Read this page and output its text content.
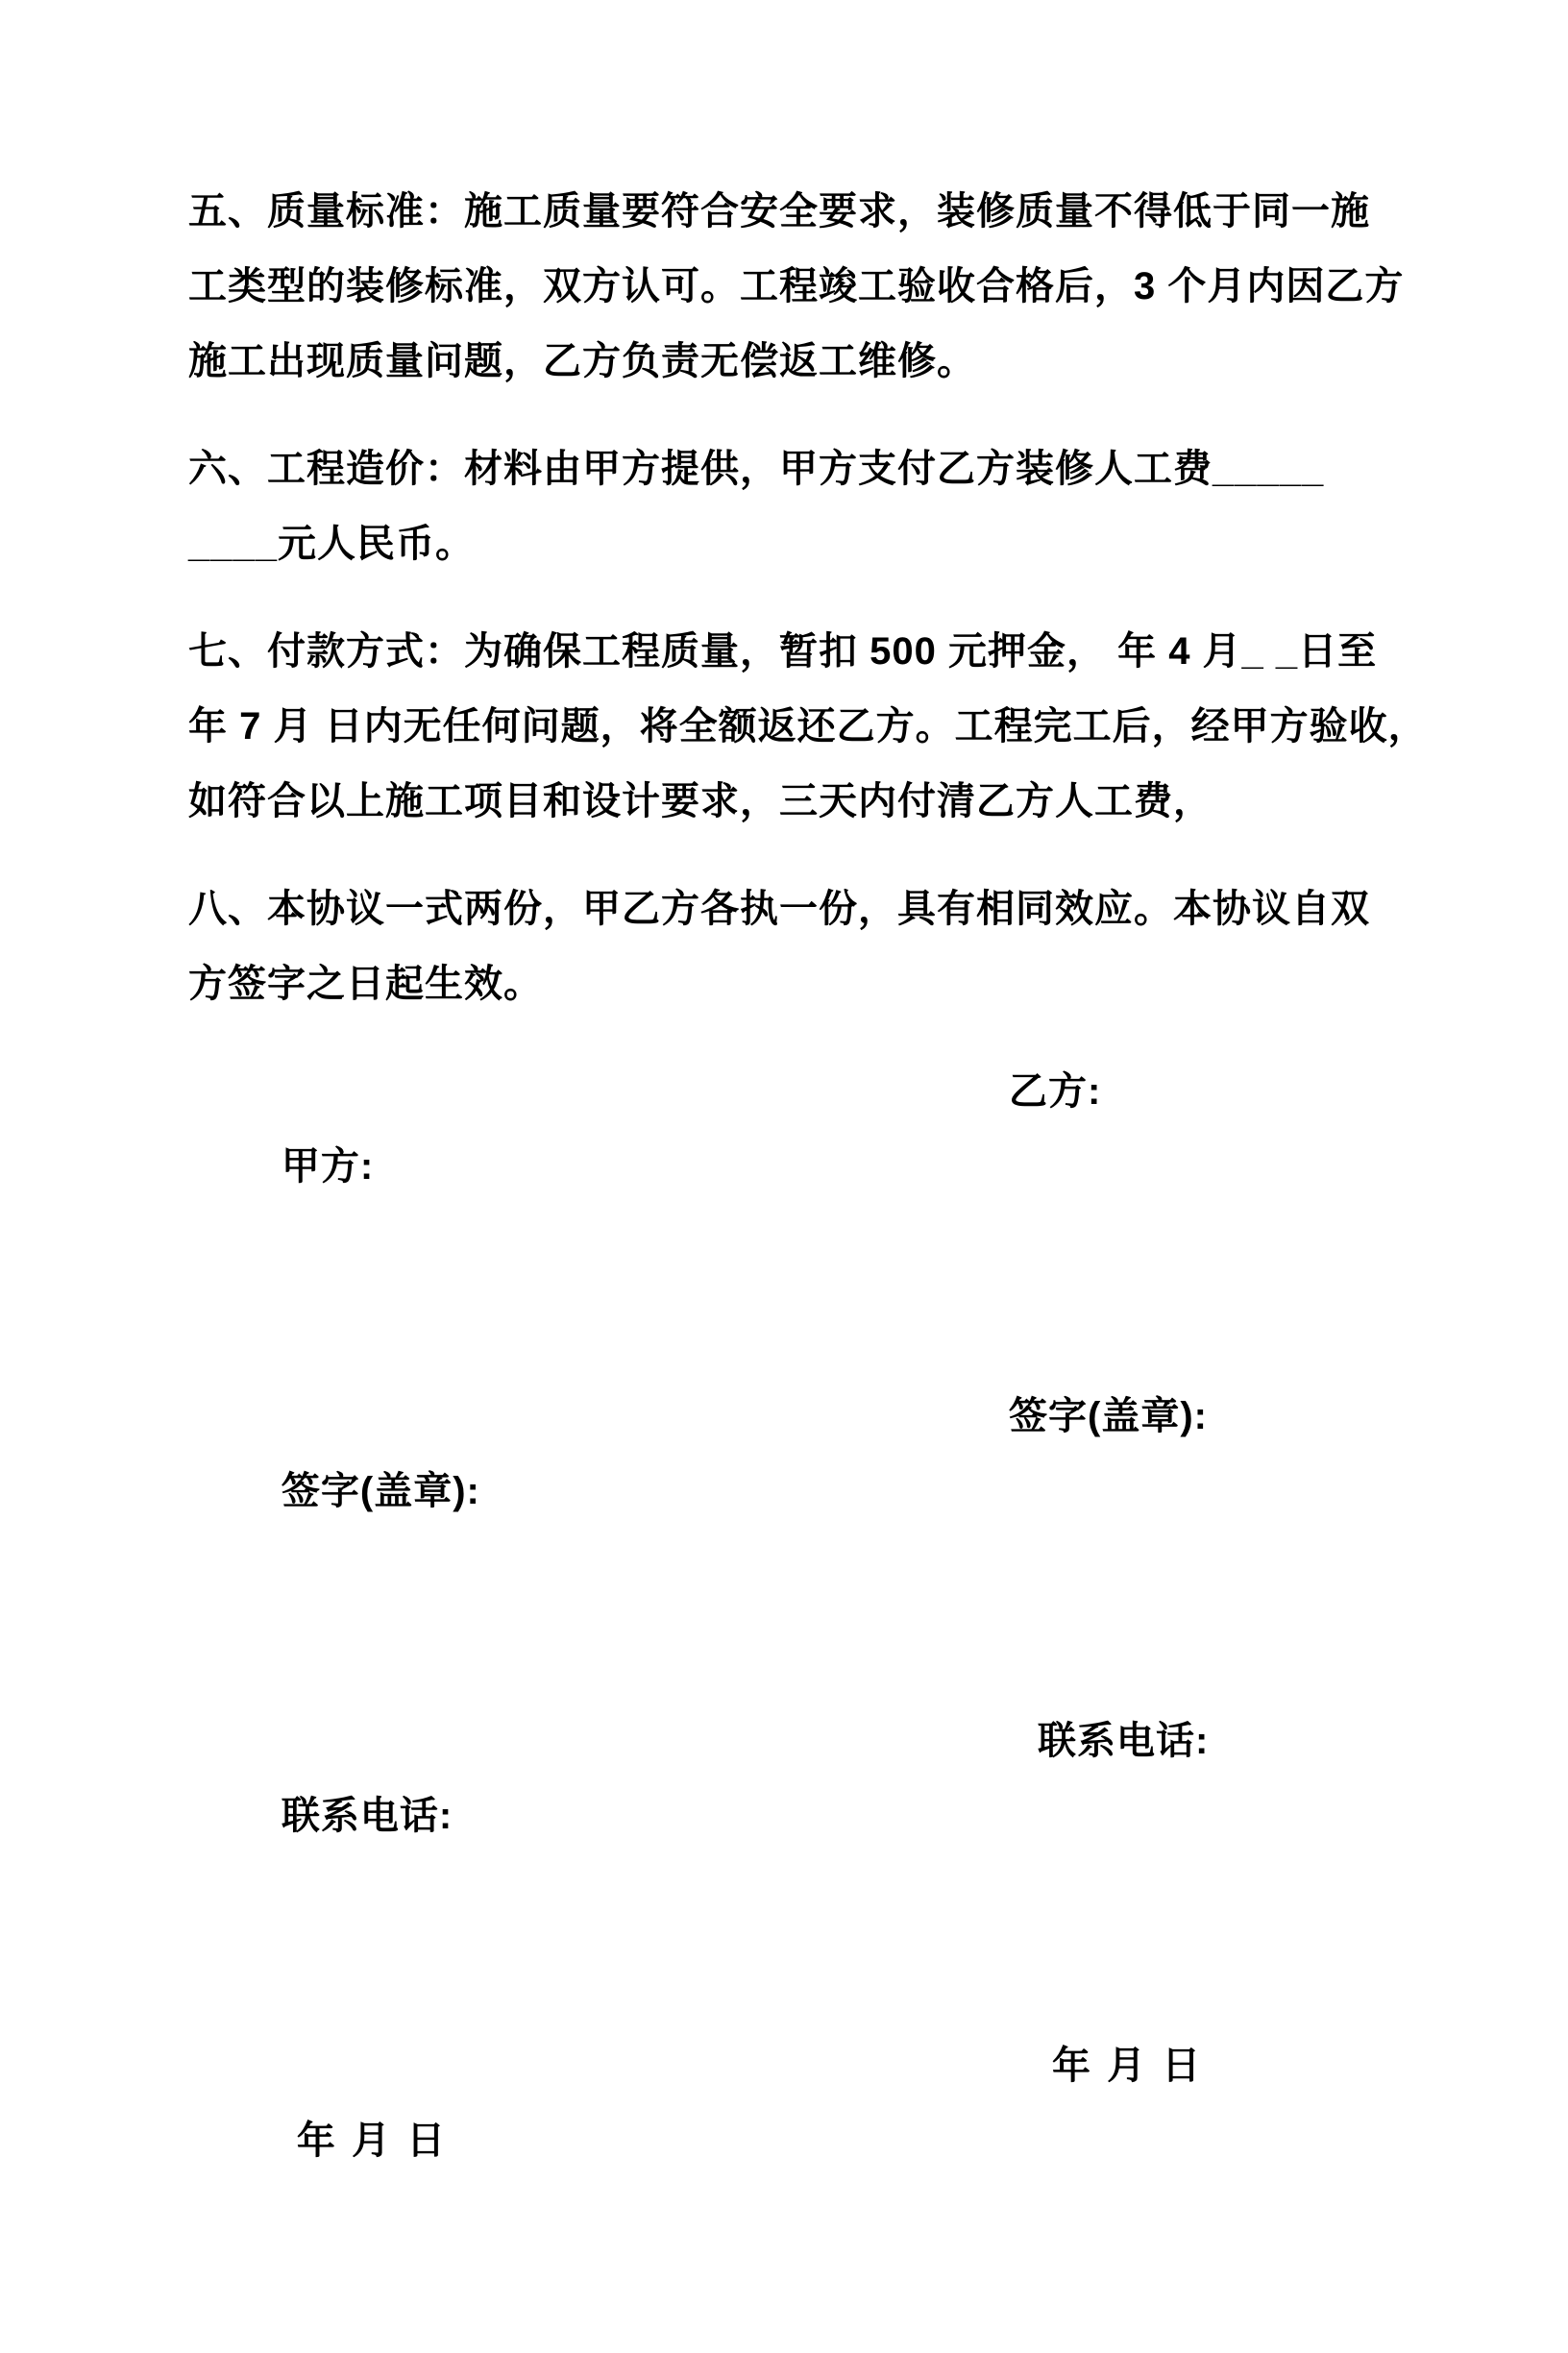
五、质量标准：施工质量要符合安全要求，装修质量不得低于同一施
工类型的装修标准，双方认可。工程竣工验收合格后，3 个月内因乙方
施工出现质量问题，乙方负责无偿返工维修。
六、工程造价：材料由甲方提供，甲方支付乙方装修人工费_____
____元人民币。
七、付款方式：为确保工程质量，暂扣 500 元押金， 年 4 月_ _日至
年 7 月 日内无任何问题，将全额返还乙方。工程完工后，经甲方验收，
如符合以上施工项目和设计要求，三天内付清乙方人工费，
八、本协议一式两份，甲乙方各执一份，具有相同效应。本协议自双
方签字之日起生效。

甲方:

乙方:

签字(盖章):

签字(盖章):

联系电话:

联系电话:

年 月 日

年 月 日
